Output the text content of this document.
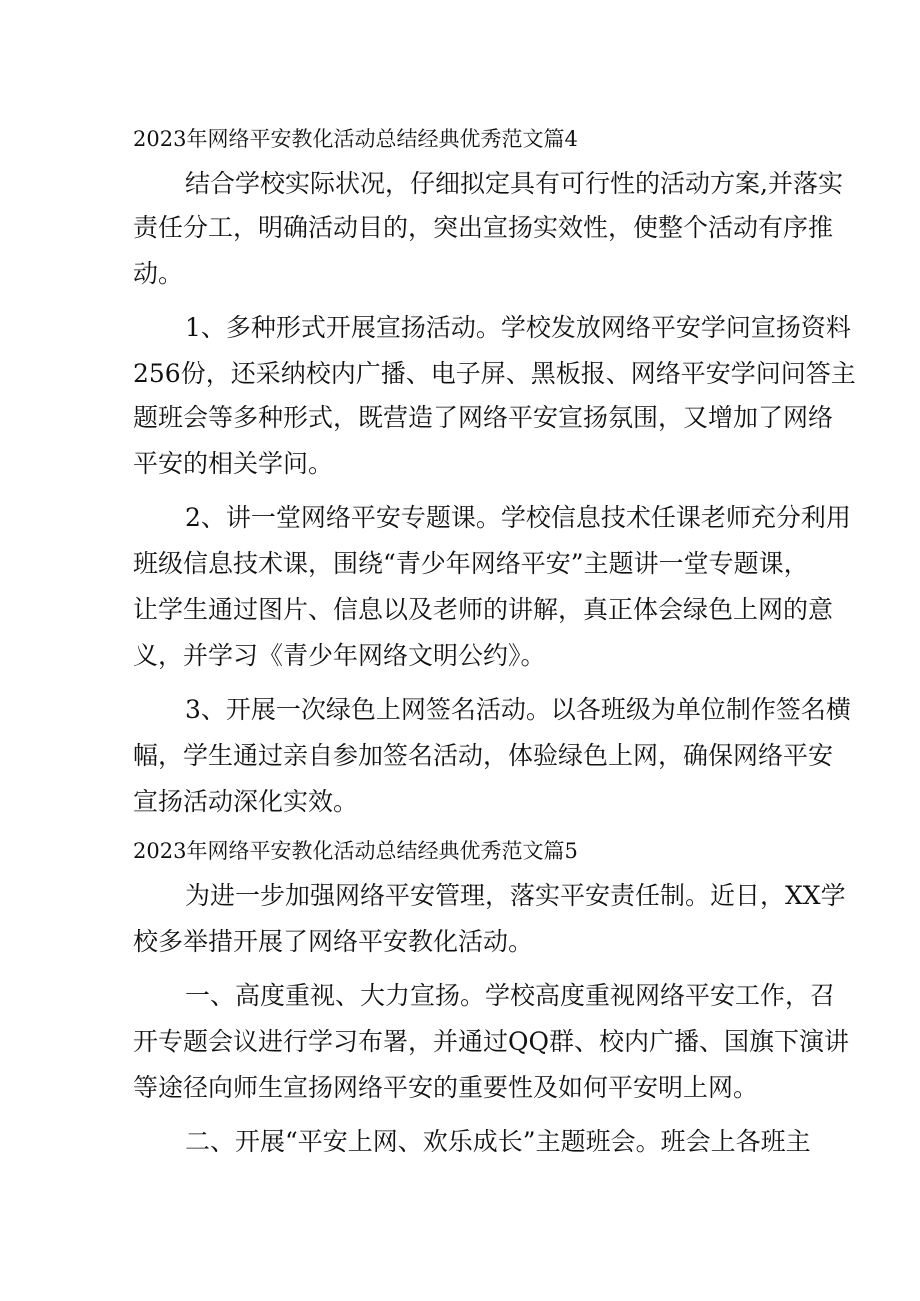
2023年网络平安教化活动总结经典优秀范文篇4
结合学校实际状况，仔细拟定具有可行性的活动方案,并落实
责任分工，明确活动目的，突出宣扬实效性，使整个活动有序推
动。
1、多种形式开展宣扬活动。学校发放网络平安学问宣扬资料
256份，还采纳校内广播、电子屏、黑板报、网络平安学问问答主
题班会等多种形式，既营造了网络平安宣扬氛围，又增加了网络
平安的相关学问。
2、讲一堂网络平安专题课。学校信息技术任课老师充分利用
班级信息技术课，围绕“青少年网络平安”主题讲一堂专题课，
让学生通过图片、信息以及老师的讲解，真正体会绿色上网的意
义，并学习《青少年网络文明公约》。
3、开展一次绿色上网签名活动。以各班级为单位制作签名横
幅，学生通过亲自参加签名活动，体验绿色上网，确保网络平安
宣扬活动深化实效。
2023年网络平安教化活动总结经典优秀范文篇5
为进一步加强网络平安管理，落实平安责任制。近日，XX学
校多举措开展了网络平安教化活动。
一、高度重视、大力宣扬。学校高度重视网络平安工作，召
开专题会议进行学习布署，并通过QQ群、校内广播、国旗下演讲
等途径向师生宣扬网络平安的重要性及如何平安明上网。
二、开展“平安上网、欢乐成长”主题班会。班会上各班主
